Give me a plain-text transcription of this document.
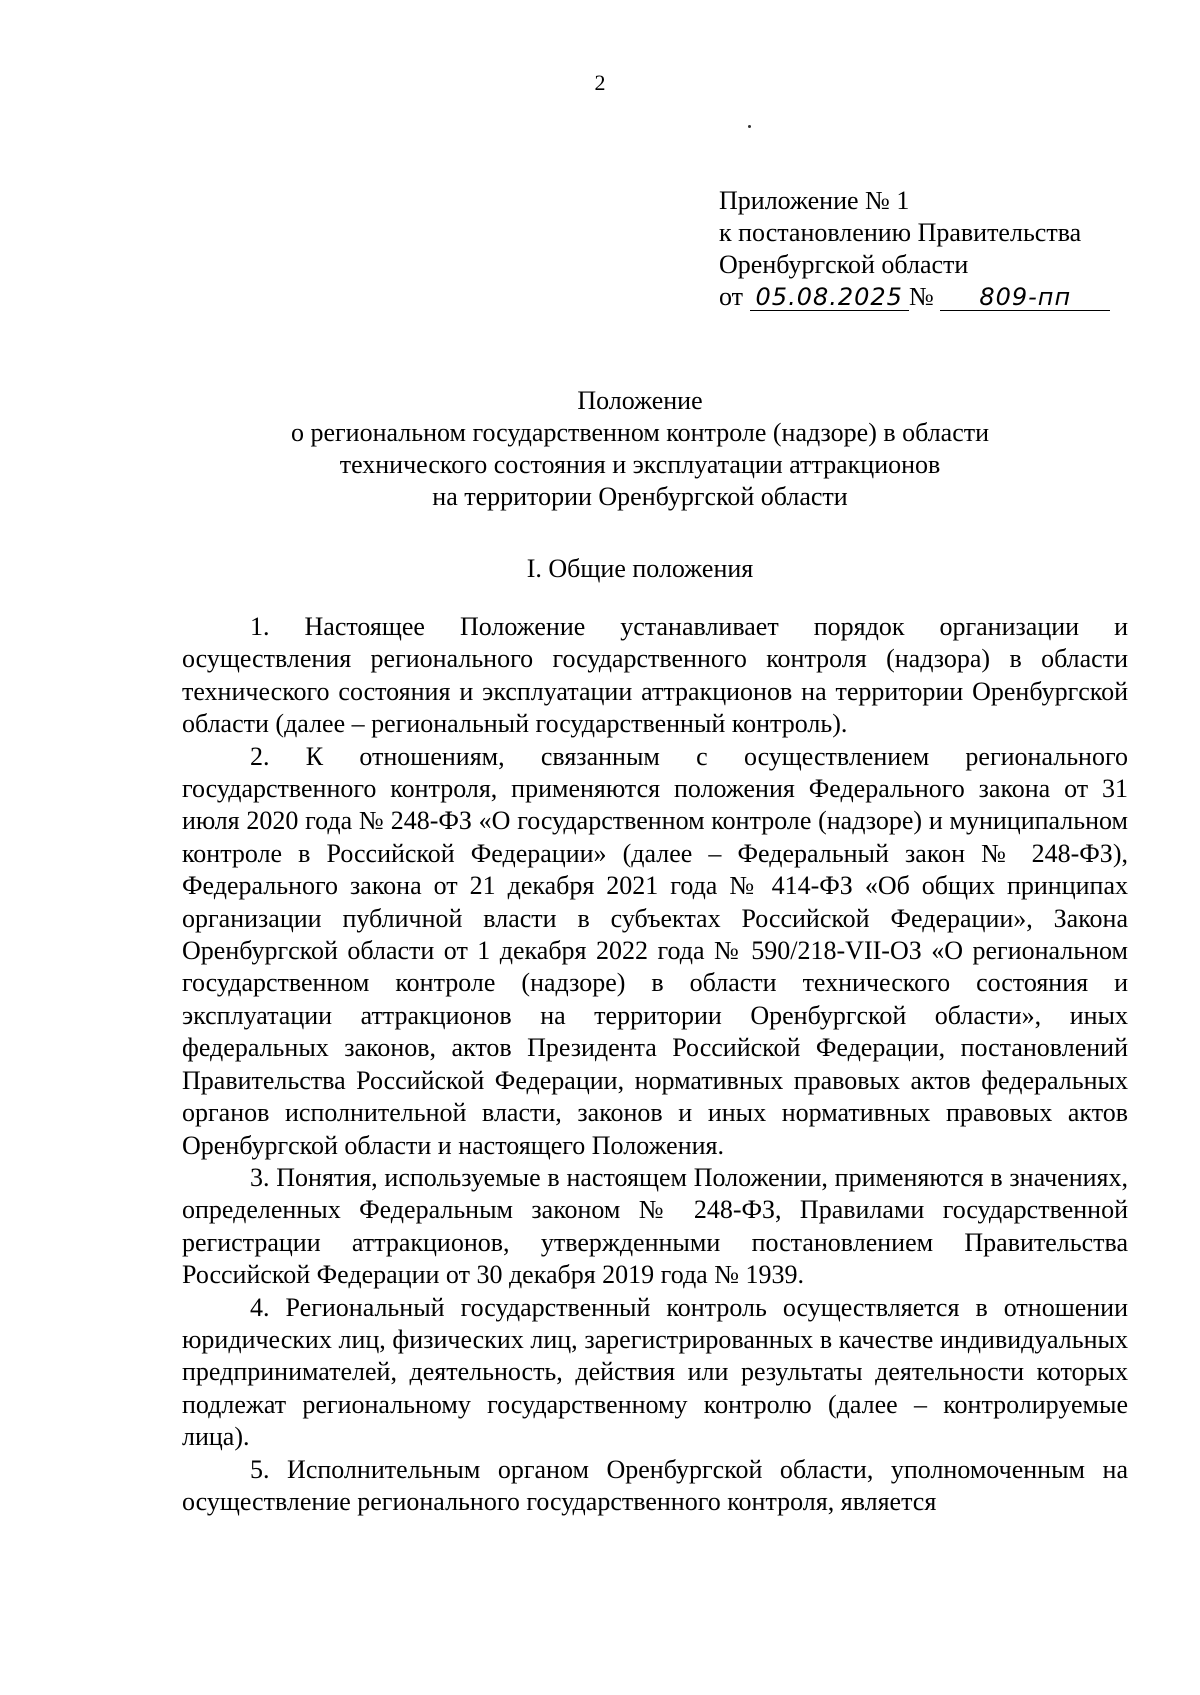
2
Приложение № 1
к постановлению Правительства
Оренбургской области
от 05.08.2025 № 809-пп
Положение
о региональном государственном контроле (надзоре) в области
технического состояния и эксплуатации аттракционов
на территории Оренбургской области
I. Общие положения

1. Настоящее Положение устанавливает порядок организации и осуществления регионального государственного контроля (надзора) в области технического состояния и эксплуатации аттракционов на территории Оренбургской области (далее – региональный государственный контроль).

2. К отношениям, связанным с осуществлением регионального государственного контроля, применяются положения Федерального закона от 31 июля 2020 года № 248-ФЗ «О государственном контроле (надзоре) и муниципальном контроле в Российской Федерации» (далее – Федеральный закон № 248-ФЗ), Федерального закона от 21 декабря 2021 года № 414-ФЗ «Об общих принципах организации публичной власти в субъектах Российской Федерации», Закона Оренбургской области от 1 декабря 2022 года № 590/218-VII-ОЗ «О региональном государственном контроле (надзоре) в области технического состояния и эксплуатации аттракционов на территории Оренбургской области», иных федеральных законов, актов Президента Российской Федерации, постановлений Правительства Российской Федерации, нормативных правовых актов федеральных органов исполнительной власти, законов и иных нормативных правовых актов Оренбургской области и настоящего Положения.

3. Понятия, используемые в настоящем Положении, применяются в значениях, определенных Федеральным законом № 248-ФЗ, Правилами государственной регистрации аттракционов, утвержденными постановлением Правительства Российской Федерации от 30 декабря 2019 года № 1939.

4. Региональный государственный контроль осуществляется в отношении юридических лиц, физических лиц, зарегистрированных в качестве индивидуальных предпринимателей, деятельность, действия или результаты деятельности которых подлежат региональному государственному контролю (далее – контролируемые лица).

5. Исполнительным органом Оренбургской области, уполномоченным на осуществление регионального государственного контроля, является
